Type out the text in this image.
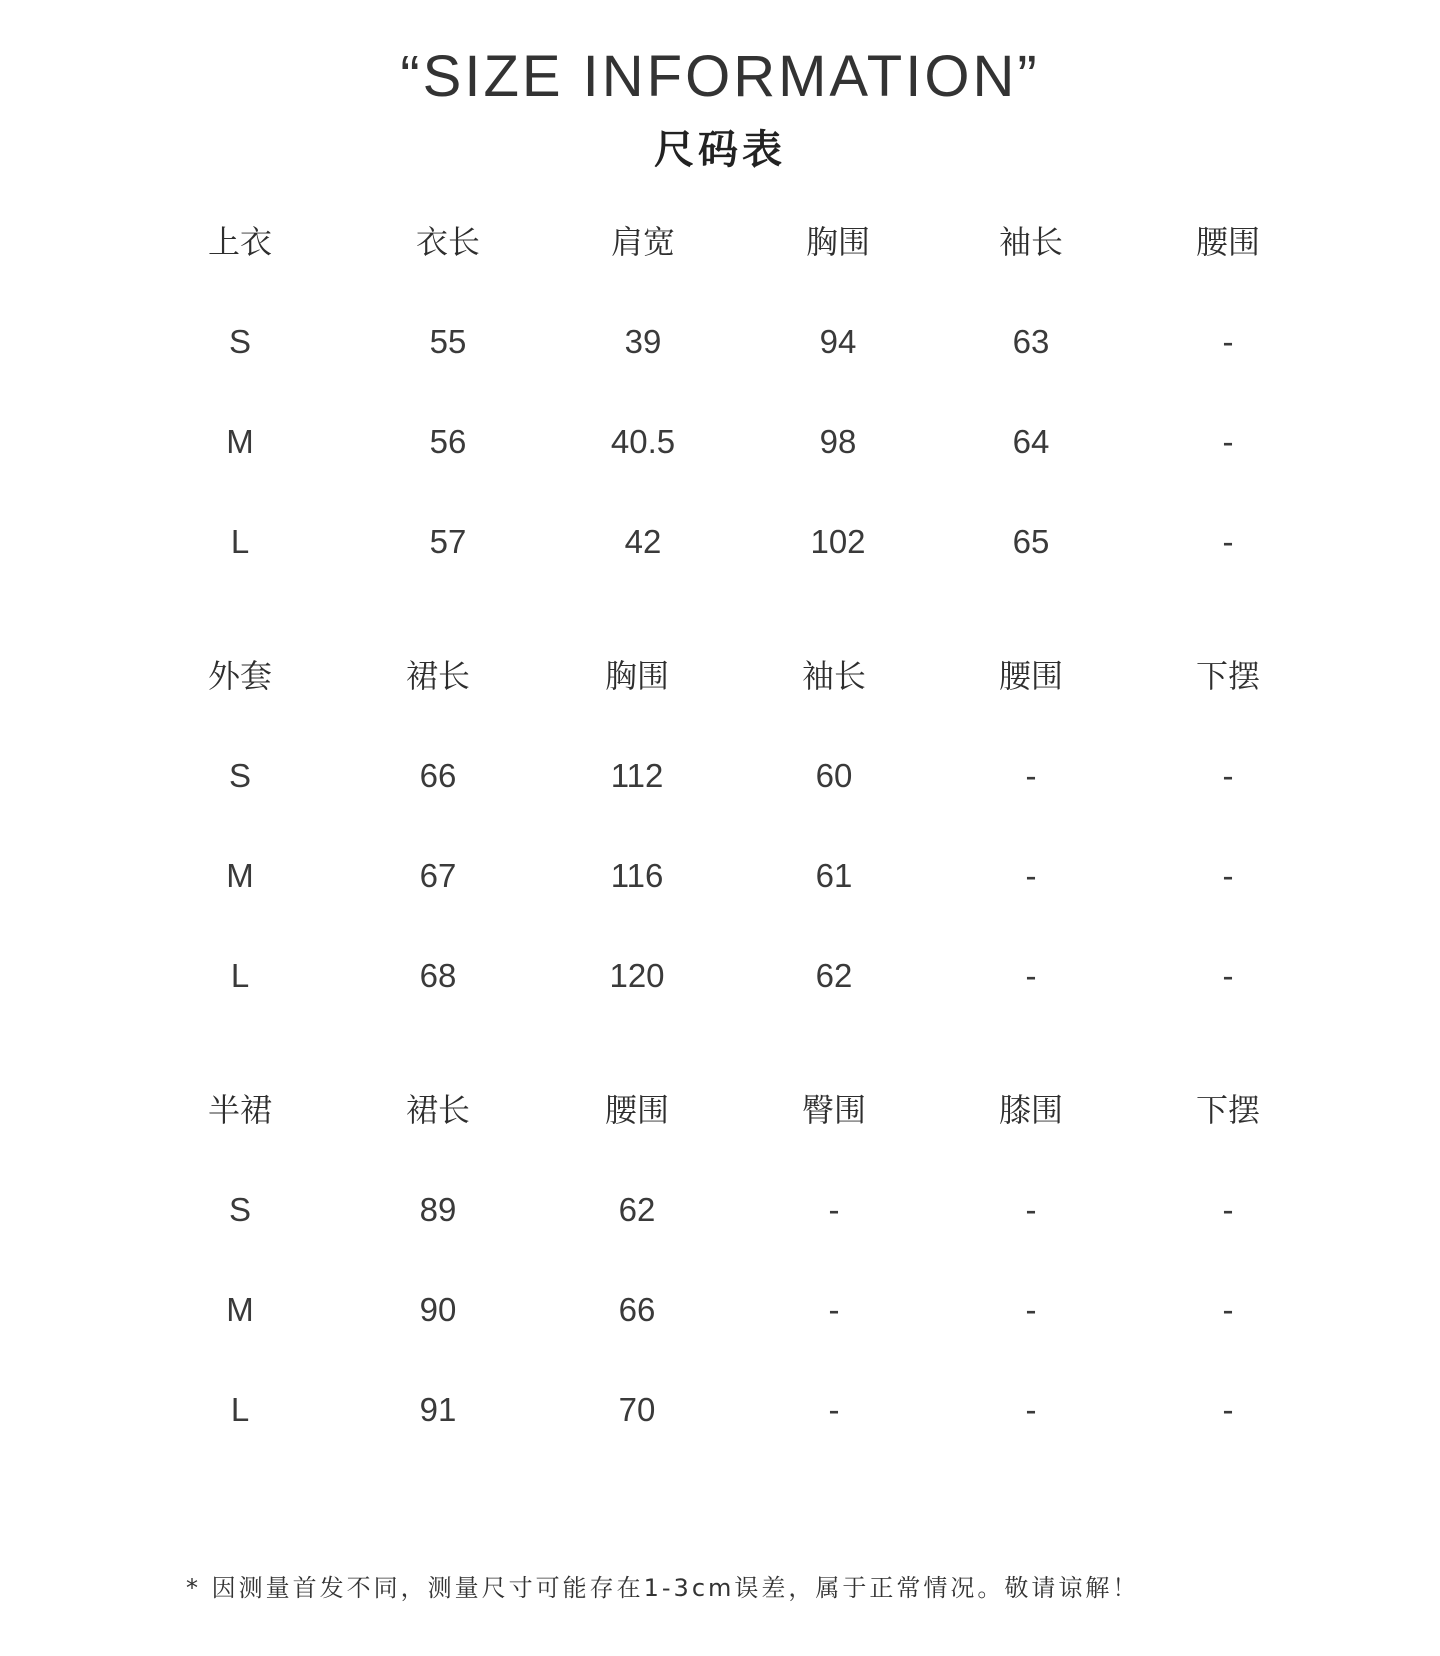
“SIZE INFORMATION”
尺码表
上衣	衣长	肩宽	胸围	袖长	腰围
S	55	39	94	63	-
M	56	40.5	98	64	-
L	57	42	102	65	-
外套	裙长	胸围	袖长	腰围	下摆
S	66	112	60	-	-
M	67	116	61	-	-
L	68	120	62	-	-
半裙	裙长	腰围	臀围	膝围	下摆
S	89	62	-	-	-
M	90	66	-	-	-
L	91	70	-	-	-
* 因测量首发不同，测量尺寸可能存在1-3cm误差，属于正常情况。敬请谅解！
